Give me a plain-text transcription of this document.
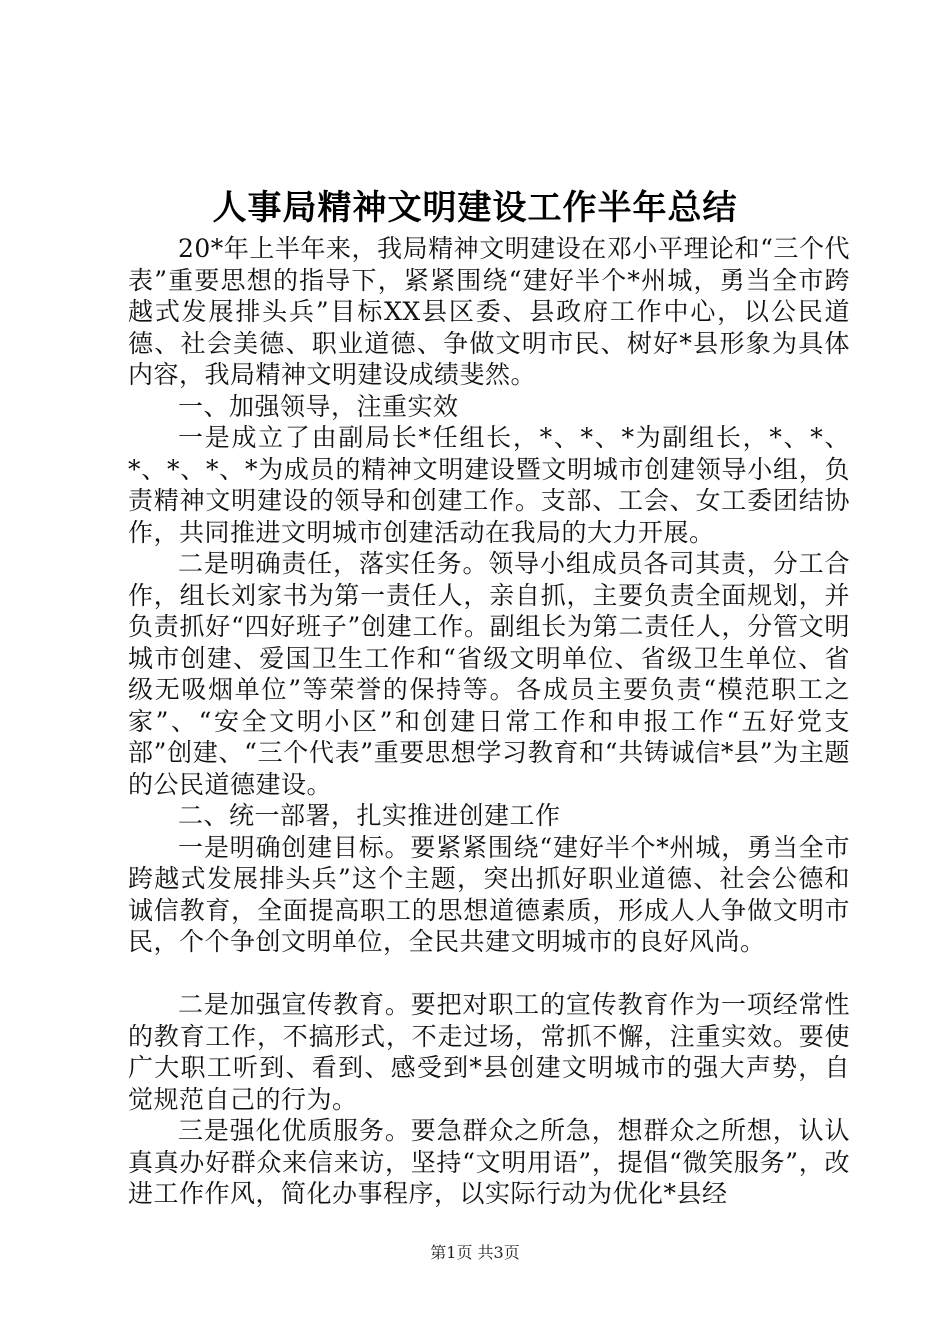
人事局精神文明建设工作半年总结

20*年上半年来，我局精神文明建设在邓小平理论和“三个代表”重要思想的指导下，紧紧围绕“建好半个*州城，勇当全市跨越式发展排头兵”目标XX县区委、县政府工作中心，以公民道德、社会美德、职业道德、争做文明市民、树好*县形象为具体内容，我局精神文明建设成绩斐然。

一、加强领导，注重实效

一是成立了由副局长*任组长，*、*、*为副组长，*、*、*、*、*、*为成员的精神文明建设暨文明城市创建领导小组，负责精神文明建设的领导和创建工作。支部、工会、女工委团结协作，共同推进文明城市创建活动在我局的大力开展。

二是明确责任，落实任务。领导小组成员各司其责，分工合作，组长刘家书为第一责任人，亲自抓，主要负责全面规划，并负责抓好“四好班子”创建工作。副组长为第二责任人，分管文明城市创建、爱国卫生工作和“省级文明单位、省级卫生单位、省级无吸烟单位”等荣誉的保持等。各成员主要负责“模范职工之家”、“安全文明小区”和创建日常工作和申报工作“五好党支部”创建、“三个代表”重要思想学习教育和“共铸诚信*县”为主题的公民道德建设。

二、统一部署，扎实推进创建工作

一是明确创建目标。要紧紧围绕“建好半个*州城，勇当全市跨越式发展排头兵”这个主题，突出抓好职业道德、社会公德和诚信教育，全面提高职工的思想道德素质，形成人人争做文明市民，个个争创文明单位，全民共建文明城市的良好风尚。

二是加强宣传教育。要把对职工的宣传教育作为一项经常性的教育工作，不搞形式，不走过场，常抓不懈，注重实效。要使广大职工听到、看到、感受到*县创建文明城市的强大声势，自觉规范自己的行为。

三是强化优质服务。要急群众之所急，想群众之所想，认认真真办好群众来信来访，坚持“文明用语”，提倡“微笑服务”，改进工作作风，简化办事程序，以实际行动为优化*县经

第1页 共3页
